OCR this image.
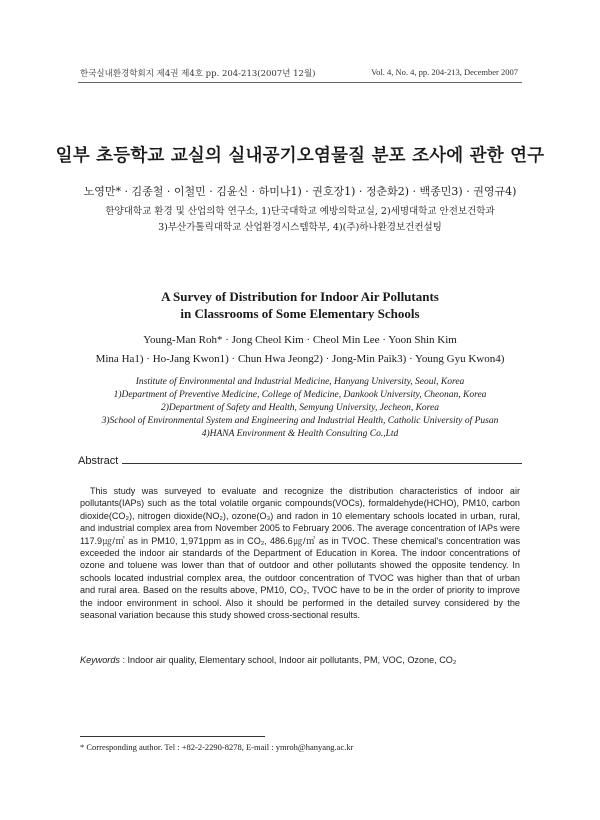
한국실내환경학회지 제4권 제4호 pp. 204-213(2007년 12월)	Vol. 4, No. 4, pp. 204-213, December 2007
일부 초등학교 교실의 실내공기오염물질 분포 조사에 관한 연구
노영만* · 김종철 · 이철민 · 김윤신 · 하미나1) · 권호장1) · 정춘화2) · 백종민3) · 권영규4)
한양대학교 환경 및 산업의학 연구소, 1)단국대학교 예방의학교실, 2)세명대학교 안전보건학과
3)부산가톨릭대학교 산업환경시스템학부, 4)(주)하나환경보건컨설팅
A Survey of Distribution for Indoor Air Pollutants
in Classrooms of Some Elementary Schools
Young-Man Roh* · Jong Cheol Kim · Cheol Min Lee · Yoon Shin Kim
Mina Ha1) · Ho-Jang Kwon1) · Chun Hwa Jeong2) · Jong-Min Paik3) · Young Gyu Kwon4)
Institute of Environmental and Industrial Medicine, Hanyang University, Seoul, Korea
1)Department of Preventive Medicine, College of Medicine, Dankook University, Cheonan, Korea
2)Department of Safety and Health, Semyung University, Jecheon, Korea
3)School of Environmental System and Engineering and Industrial Health, Catholic University of Pusan
4)HANA Environment & Health Consulting Co.,Ltd
Abstract
This study was surveyed to evaluate and recognize the distribution characteristics of indoor air pollutants(IAPs) such as the total volatile organic compounds(VOCs), formaldehyde(HCHO), PM10, carbon dioxide(CO₂), nitrogen dioxide(NO₂), ozone(O₃) and radon in 10 elementary schools located in urban, rural, and industrial complex area from November 2005 to February 2006. The average concentration of IAPs were 117.9㎍/㎥ as in PM10, 1,971ppm as in CO₂, 486.6㎍/㎥ as in TVOC. These chemical's concentration was exceeded the indoor air standards of the Department of Education in Korea. The indoor concentrations of ozone and toluene was lower than that of outdoor and other pollutants showed the opposite tendency. In schools located industrial complex area, the outdoor concentration of TVOC was higher than that of urban and rural area. Based on the results above, PM10, CO₂, TVOC have to be in the order of priority to improve the indoor environment in school. Also it should be performed in the detailed survey considered by the seasonal variation because this study showed cross-sectional results.
Keywords : Indoor air quality, Elementary school, Indoor air pollutants, PM, VOC, Ozone, CO₂
* Corresponding author. Tel : +82-2-2290-8278, E-mail : ymroh@hanyang.ac.kr
